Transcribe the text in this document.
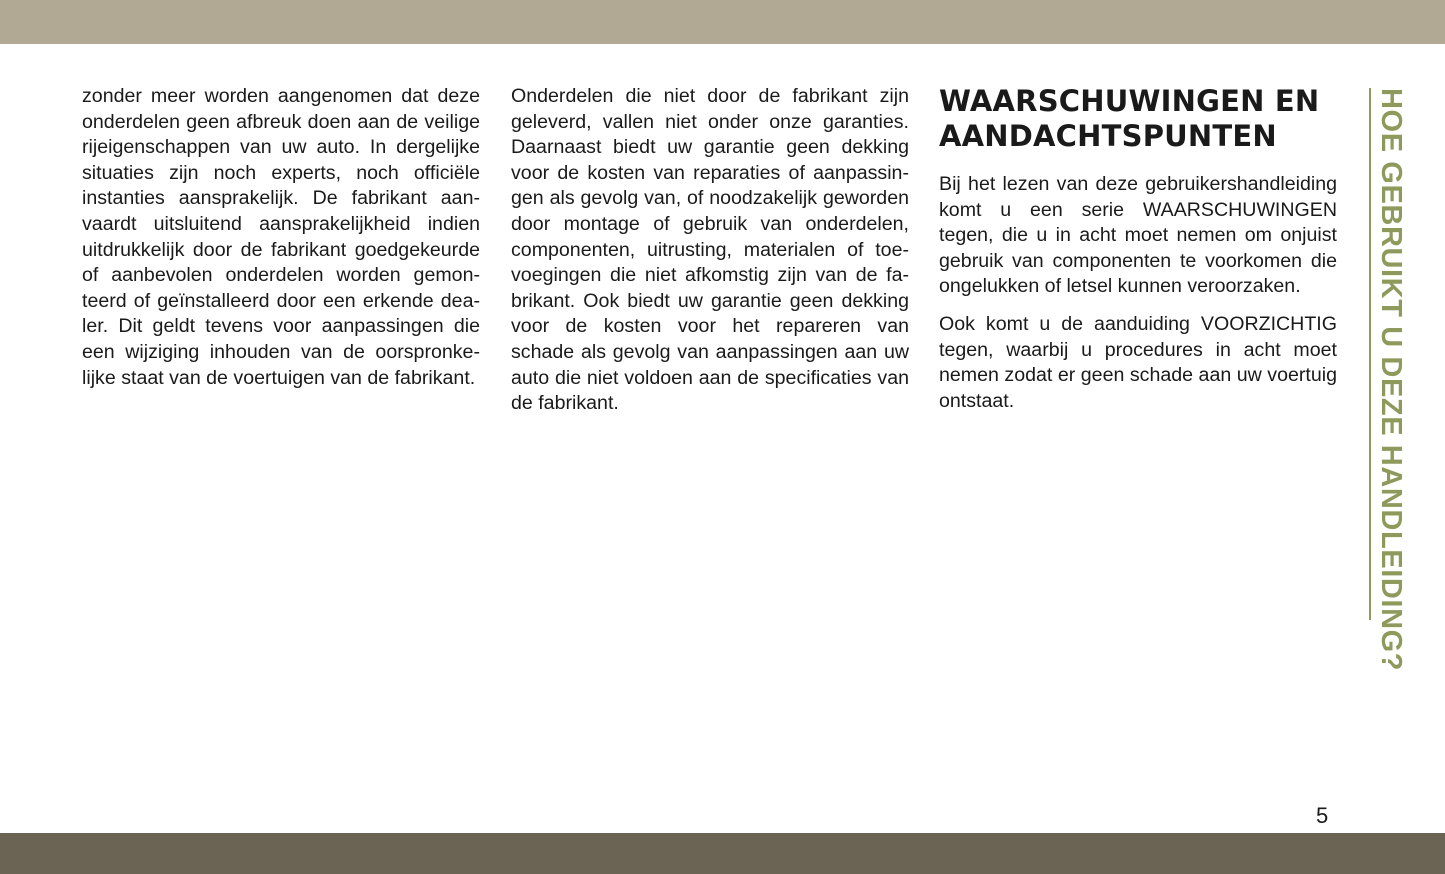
zonder meer worden aangenomen dat deze onderdelen geen afbreuk doen aan de veilige rijeigenschappen van uw auto. In dergelijke situaties zijn noch experts, noch officiële instanties aansprakelijk. De fabrikant aanvaardt uitsluitend aansprakelijkheid indien uitdrukkelijk door de fabrikant goedgekeurde of aanbevolen onderdelen worden gemonteerd of geïnstalleerd door een erkende dealer. Dit geldt tevens voor aanpassingen die een wijziging inhouden van de oorspronkelijke staat van de voertuigen van de fabrikant.

Onderdelen die niet door de fabrikant zijn geleverd, vallen niet onder onze garanties. Daarnaast biedt uw garantie geen dekking voor de kosten van reparaties of aanpassingen als gevolg van, of noodzakelijk geworden door montage of gebruik van onderdelen, componenten, uitrusting, materialen of toevoegingen die niet afkomstig zijn van de fabrikant. Ook biedt uw garantie geen dekking voor de kosten voor het repareren van schade als gevolg van aanpassingen aan uw auto die niet voldoen aan de specificaties van de fabrikant.

WAARSCHUWINGEN EN AANDACHTSPUNTEN

Bij het lezen van deze gebruikershandleiding komt u een serie WAARSCHUWINGEN tegen, die u in acht moet nemen om onjuist gebruik van componenten te voorkomen die ongelukken of letsel kunnen veroorzaken.

Ook komt u de aanduiding VOORZICHTIG tegen, waarbij u procedures in acht moet nemen zodat er geen schade aan uw voertuig ontstaat.	HOE GEBRUIKT U DEZE HANDLEIDING?
5
